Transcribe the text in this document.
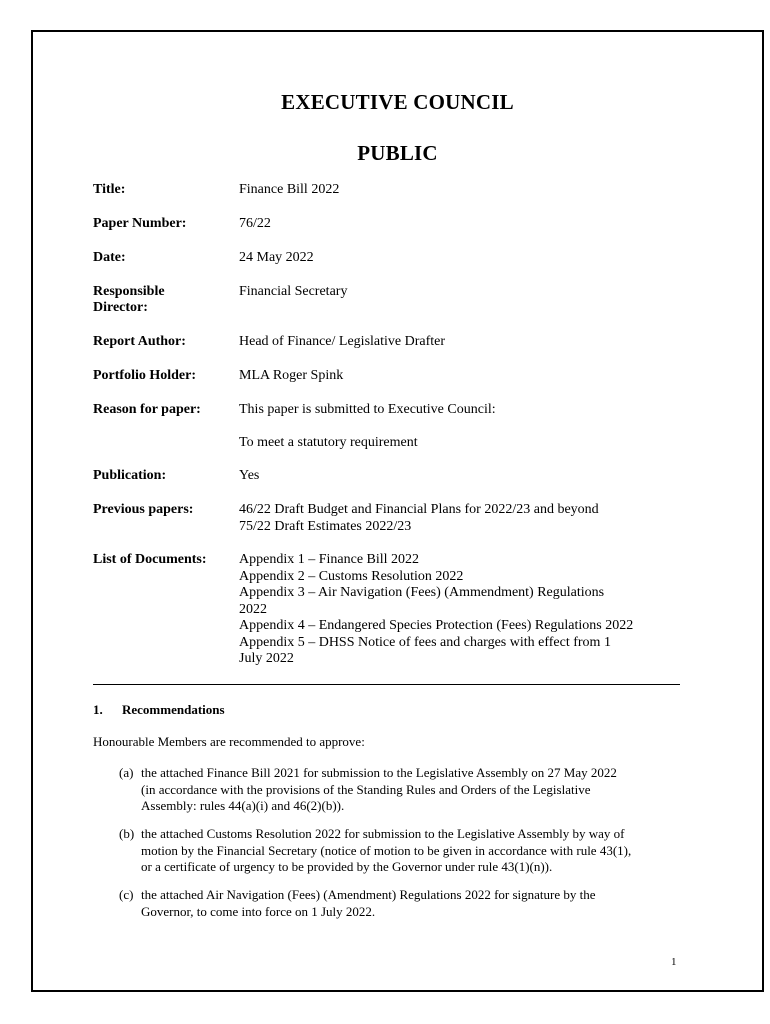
EXECUTIVE COUNCIL
PUBLIC
Title:	Finance Bill 2022
Paper Number:	76/22
Date:	24 May 2022
Responsible
Director:
Financial Secretary
Report Author:	Head of Finance/ Legislative Drafter
Portfolio Holder:	MLA Roger Spink
Reason for paper:	This paper is submitted to Executive Council:
To meet a statutory requirement
Publication:	Yes
Previous papers:	46/22 Draft Budget and Financial Plans for 2022/23 and beyond
75/22 Draft Estimates 2022/23
List of Documents: Appendix 1 – Finance Bill 2022
Appendix 2 – Customs Resolution 2022
Appendix 3 – Air Navigation (Fees) (Ammendment) Regulations
2022
Appendix 4 – Endangered Species Protection (Fees) Regulations 2022
Appendix 5 – DHSS Notice of fees and charges with effect from 1
July 2022
1. Recommendations
Honourable Members are recommended to approve:
(a) the attached Finance Bill 2021 for submission to the Legislative Assembly on 27 May 2022
(in accordance with the provisions of the Standing Rules and Orders of the Legislative
Assembly: rules 44(a)(i) and 46(2)(b)).
(b) the attached Customs Resolution 2022 for submission to the Legislative Assembly by way of
motion by the Financial Secretary (notice of motion to be given in accordance with rule 43(1),
or a certificate of urgency to be provided by the Governor under rule 43(1)(n)).
(c) the attached Air Navigation (Fees) (Amendment) Regulations 2022 for signature by the
Governor, to come into force on 1 July 2022.
1
